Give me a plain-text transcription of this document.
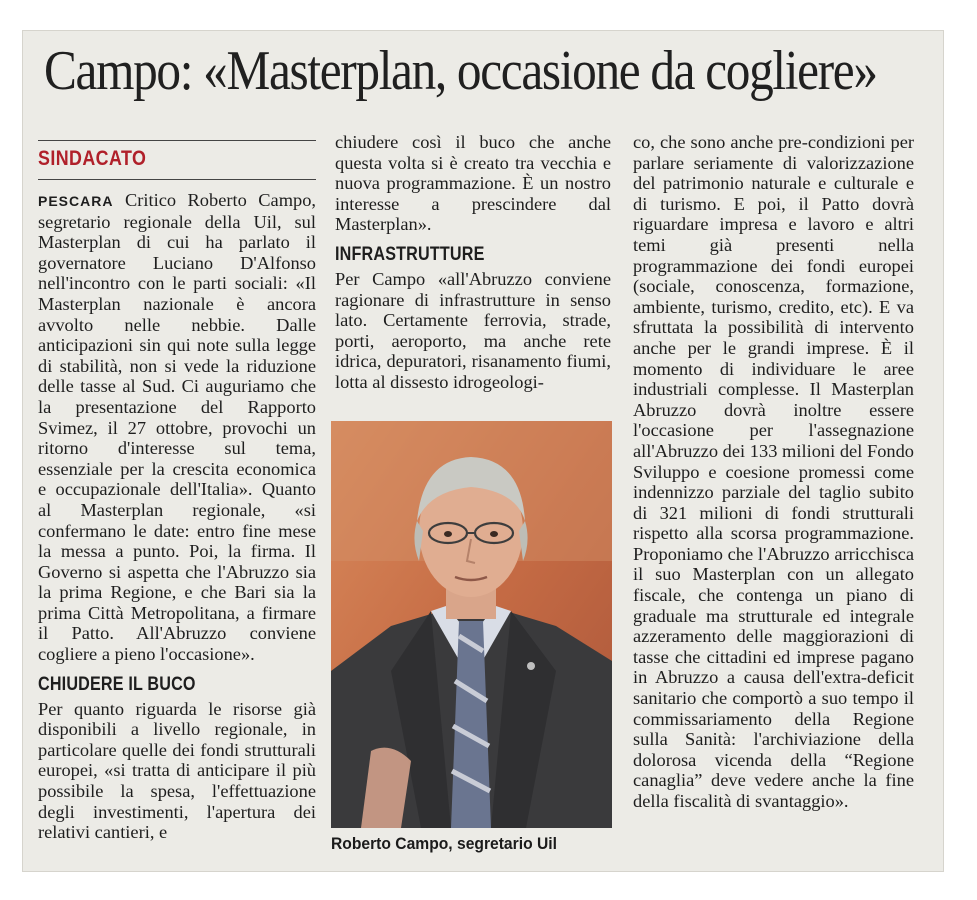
Campo: «Masterplan, occasione da cogliere»
SINDACATO

PESCARA Critico Roberto Campo, segretario regionale della Uil, sul Masterplan di cui ha parlato il governatore Luciano D'Alfonso nell'incontro con le parti sociali: «Il Masterplan nazionale è ancora avvolto nelle nebbie. Dalle anticipazioni sin qui note sulla legge di stabilità, non si vede la riduzione delle tasse al Sud. Ci auguriamo che la presentazione del Rapporto Svimez, il 27 ottobre, provochi un ritorno d'interesse sul tema, essenziale per la crescita economica e occupazionale dell'Italia». Quanto al Masterplan regionale, «si confermano le date: entro fine mese la messa a punto. Poi, la firma. Il Governo si aspetta che l'Abruzzo sia la prima Regione, e che Bari sia la prima Città Metropolitana, a firmare il Patto. All'Abruzzo conviene cogliere a pieno l'occasione».

CHIUDERE IL BUCO

Per quanto riguarda le risorse già disponibili a livello regionale, in particolare quelle dei fondi strutturali europei, «si tratta di anticipare il più possibile la spesa, l'effettuazione degli investimenti, l'apertura dei relativi cantieri, e

chiudere così il buco che anche questa volta si è creato tra vecchia e nuova programmazione. È un nostro interesse a prescindere dal Masterplan».

INFRASTRUTTURE

Per Campo «all'Abruzzo conviene ragionare di infrastrutture in senso lato. Certamente ferrovia, strade, porti, aeroporto, ma anche rete idrica, depuratori, risanamento fiumi, lotta al dissesto idrogeologi-

Roberto Campo, segretario Uil

co, che sono anche pre-condizioni per parlare seriamente di valorizzazione del patrimonio naturale e culturale e di turismo. E poi, il Patto dovrà riguardare impresa e lavoro e altri temi già presenti nella programmazione dei fondi europei (sociale, conoscenza, formazione, ambiente, turismo, credito, etc). E va sfruttata la possibilità di intervento anche per le grandi imprese. È il momento di individuare le aree industriali complesse. Il Masterplan Abruzzo dovrà inoltre essere l'occasione per l'assegnazione all'Abruzzo dei 133 milioni del Fondo Sviluppo e coesione promessi come indennizzo parziale del taglio subito di 321 milioni di fondi strutturali rispetto alla scorsa programmazione. Proponiamo che l'Abruzzo arricchisca il suo Masterplan con un allegato fiscale, che contenga un piano di graduale ma strutturale ed integrale azzeramento delle maggiorazioni di tasse che cittadini ed imprese pagano in Abruzzo a causa dell'extra-deficit sanitario che comportò a suo tempo il commissariamento della Regione sulla Sanità: l'archiviazione della dolorosa vicenda della “Regione canaglia” deve vedere anche la fine della fiscalità di svantaggio».
